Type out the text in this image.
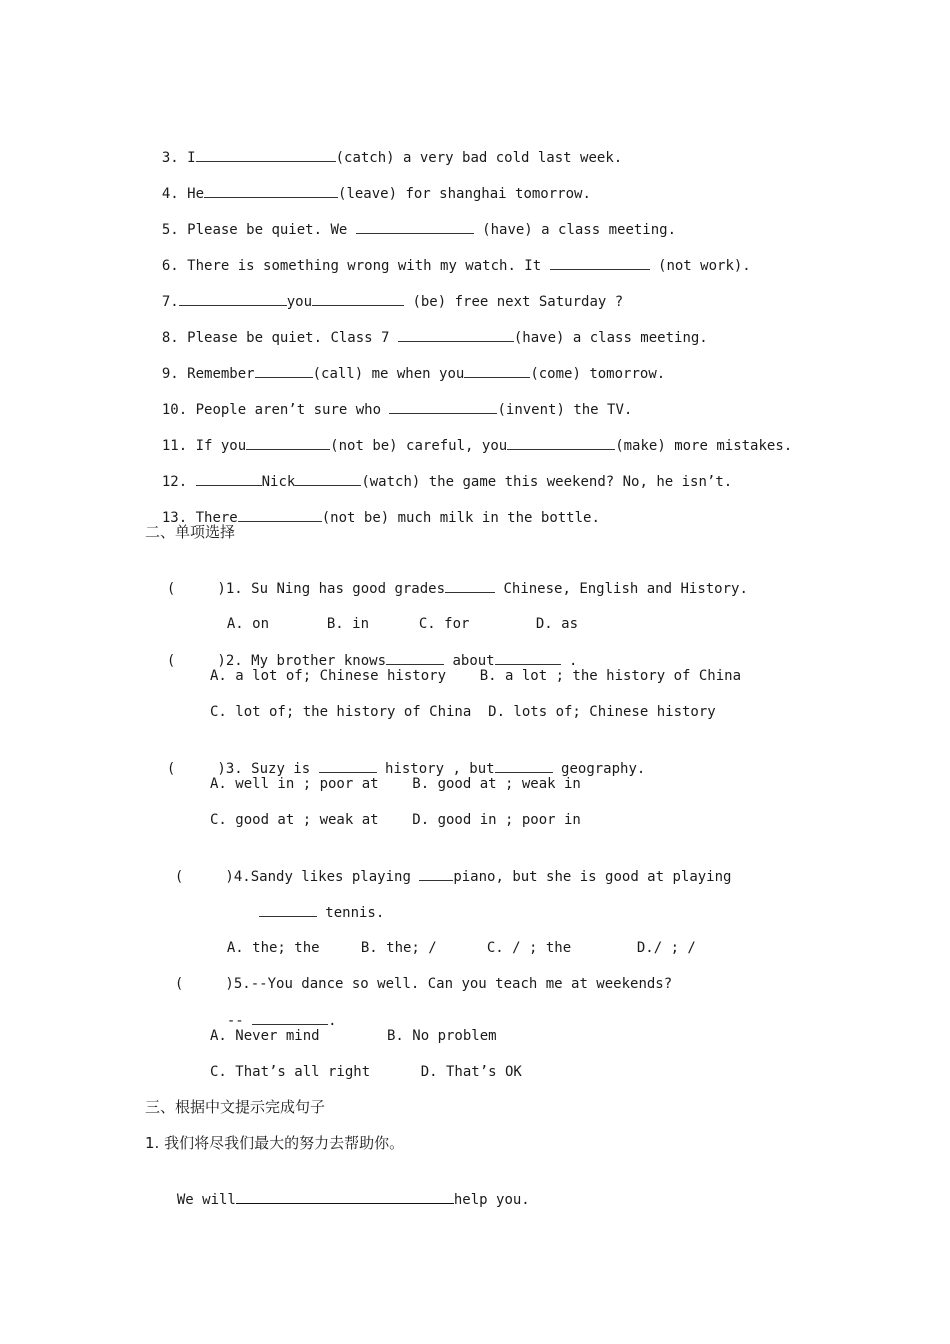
3. I	(catch) a very bad cold last week.

4. He	(leave) for shanghai tomorrow.

5. Please be quiet. We	(have) a class meeting.

6. There is something wrong with my watch. It	(not work).

7.	you	(be) free next Saturday ?

8. Please be quiet. Class 7	(have) a class meeting.

9. Remember	(call) me when you	(come) tomorrow.

10. People aren’t sure who	(invent) the TV.

11. If you	(not be) careful, you	(make) more mistakes.

12.	Nick	(watch) the game this weekend? No, he isn’t.

13. There	(not be) much milk in the bottle.

二、单项选择

(     )1. Su Ning has good grades	Chinese, English and History.

A. on	B. in	C. for	D. as

(     )2. My brother knows	about	.

A. a lot of; Chinese history    B. a lot ; the history of China
C. lot of; the history of China  D. lots of; Chinese history

(     )3. Suzy is	history , but	geography.

A. well in ; poor at    B. good at ; weak in
C. good at ; weak at    D. good in ; poor in

(     )4.Sandy likes playing piano, but she is good at playing

tennis.

A. the; the	B. the; /	C. / ; the	D./ ; /

(     )5.--You dance so well. Can you teach me at weekends?

--	.

A. Never mind        B. No problem
C. That’s all right      D. That’s OK
三、根据中文提示完成句子
1. 我们将尽我们最大的努力去帮助你。

We will	help you.
